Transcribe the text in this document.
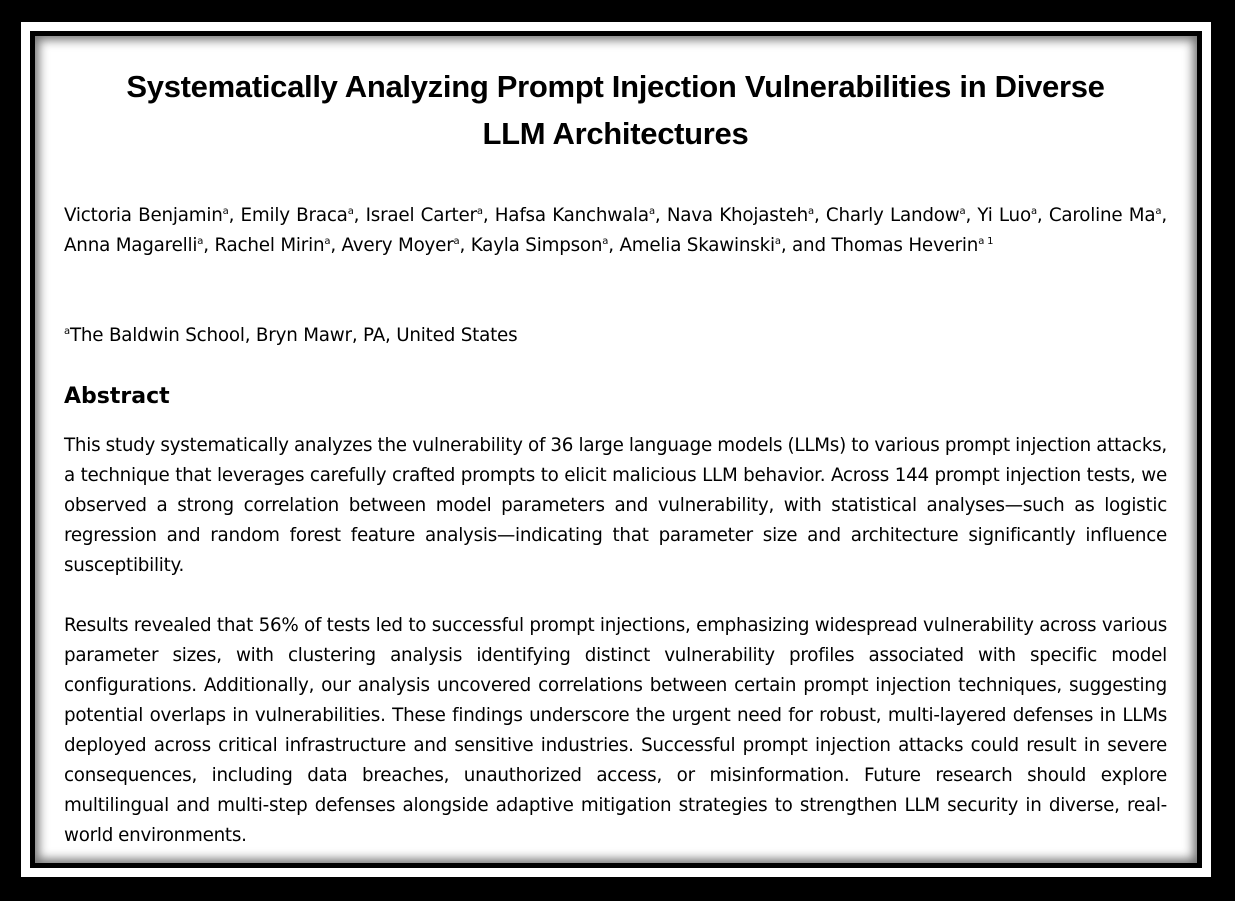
Systematically Analyzing Prompt Injection Vulnerabilities in Diverse
LLM Architectures

Victoria Benjamin$^a$, Emily Braca$^a$, Israel Carter$^a$, Hafsa Kanchwala$^a$, Nava Khojasteh$^a$, Charly Landow$^a$, Yi Luo$^a$, Caroline Ma$^a$, Anna Magarelli$^a$, Rachel Mirin$^a$, Avery Moyer$^a$, Kayla Simpson$^a$, Amelia Skawinski$^a$, and Thomas Heverin$^{a 1}$

$^a$The Baldwin School, Bryn Mawr, PA, United States

Abstract

This study systematically analyzes the vulnerability of 36 large language models (LLMs) to various prompt injection attacks, a technique that leverages carefully crafted prompts to elicit malicious LLM behavior. Across 144 prompt injection tests, we observed a strong correlation between model parameters and vulnerability, with statistical analyses—such as logistic regression and random forest feature analysis—indicating that parameter size and architecture significantly influence susceptibility.

Results revealed that 56% of tests led to successful prompt injections, emphasizing widespread vulnerability across various parameter sizes, with clustering analysis identifying distinct vulnerability profiles associated with specific model configurations. Additionally, our analysis uncovered correlations between certain prompt injection techniques, suggesting potential overlaps in vulnerabilities. These findings underscore the urgent need for robust, multi-layered defenses in LLMs deployed across critical infrastructure and sensitive industries. Successful prompt injection attacks could result in severe consequences, including data breaches, unauthorized access, or misinformation. Future research should explore multilingual and multi-step defenses alongside adaptive mitigation strategies to strengthen LLM security in diverse, real-world environments.
